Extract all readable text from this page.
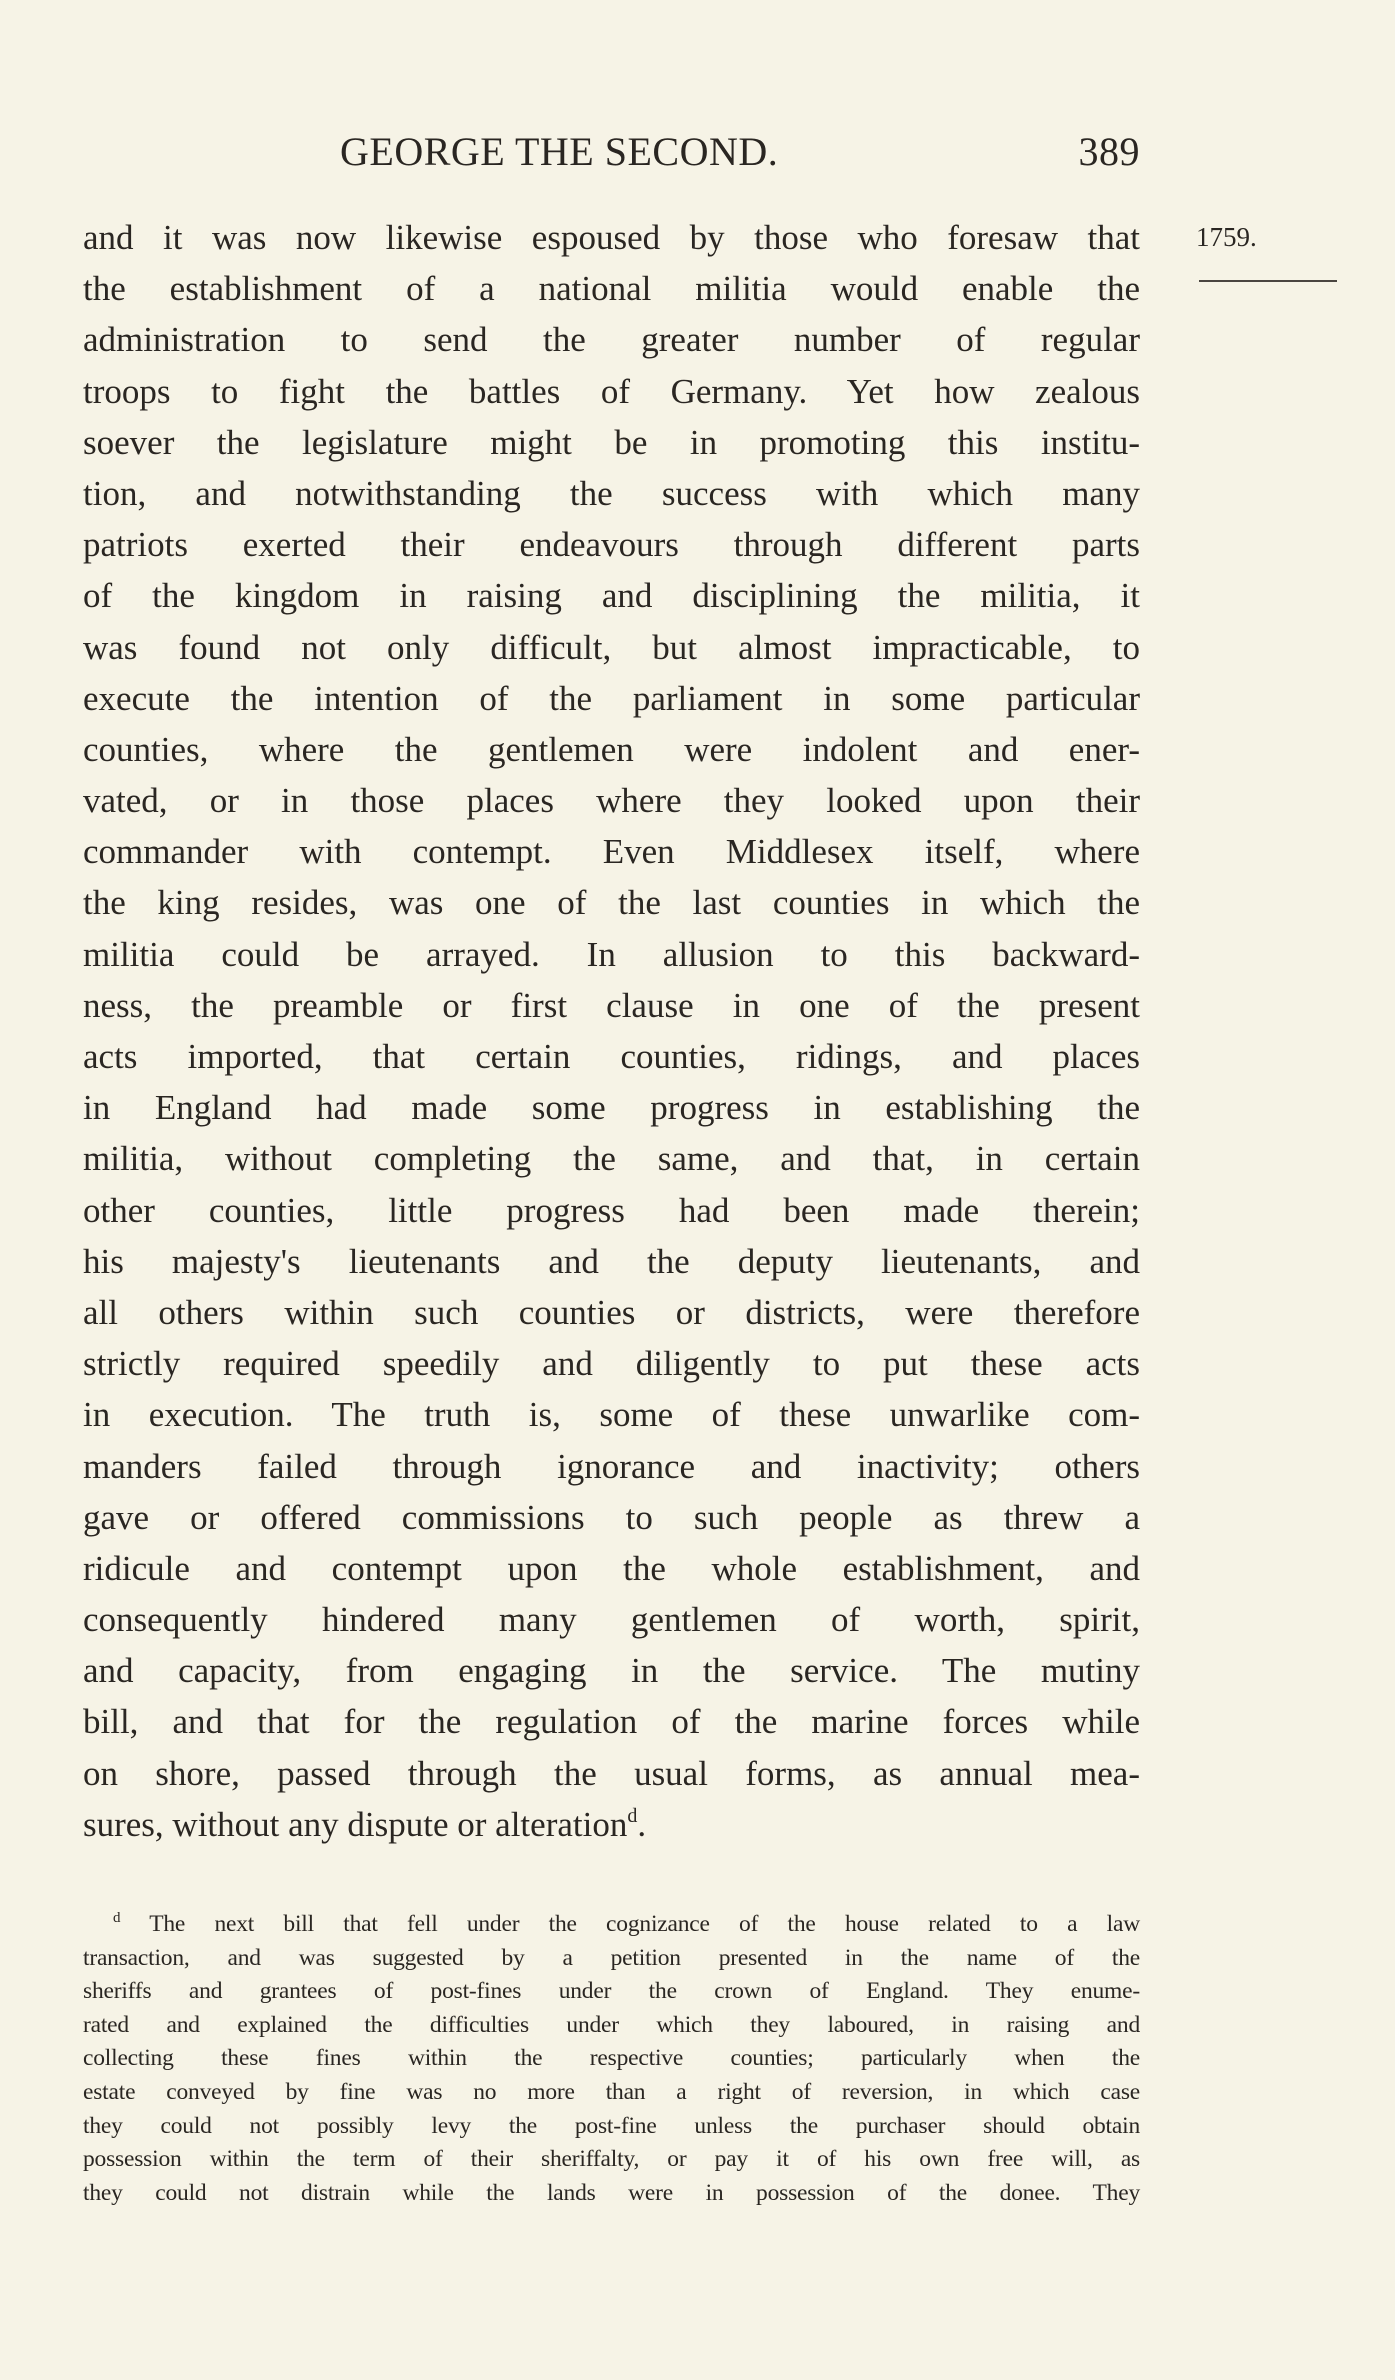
GEORGE THE SECOND.	389
1759.
and it was now likewise espoused by those who foresaw that
the establishment of a national militia would enable the
administration to send the greater number of regular
troops to fight the battles of Germany. Yet how zealous
soever the legislature might be in promoting this institu-
tion, and notwithstanding the success with which many
patriots exerted their endeavours through different parts
of the kingdom in raising and disciplining the militia, it
was found not only difficult, but almost impracticable, to
execute the intention of the parliament in some particular
counties, where the gentlemen were indolent and ener-
vated, or in those places where they looked upon their
commander with contempt. Even Middlesex itself, where
the king resides, was one of the last counties in which the
militia could be arrayed. In allusion to this backward-
ness, the preamble or first clause in one of the present
acts imported, that certain counties, ridings, and places
in England had made some progress in establishing the
militia, without completing the same, and that, in certain
other counties, little progress had been made therein;
his majesty's lieutenants and the deputy lieutenants, and
all others within such counties or districts, were therefore
strictly required speedily and diligently to put these acts
in execution. The truth is, some of these unwarlike com-
manders failed through ignorance and inactivity; others
gave or offered commissions to such people as threw a
ridicule and contempt upon the whole establishment, and
consequently hindered many gentlemen of worth, spirit,
and capacity, from engaging in the service. The mutiny
bill, and that for the regulation of the marine forces while
on shore, passed through the usual forms, as annual mea-
sures, without any dispute or alteration$^d$.
$^d$ The next bill that fell under the cognizance of the house related to a law
transaction, and was suggested by a petition presented in the name of the
sheriffs and grantees of post-fines under the crown of England. They enume-
rated and explained the difficulties under which they laboured, in raising and
collecting these fines within the respective counties; particularly when the
estate conveyed by fine was no more than a right of reversion, in which case
they could not possibly levy the post-fine unless the purchaser should obtain
possession within the term of their sheriffalty, or pay it of his own free will, as
they could not distrain while the lands were in possession of the donee. They
